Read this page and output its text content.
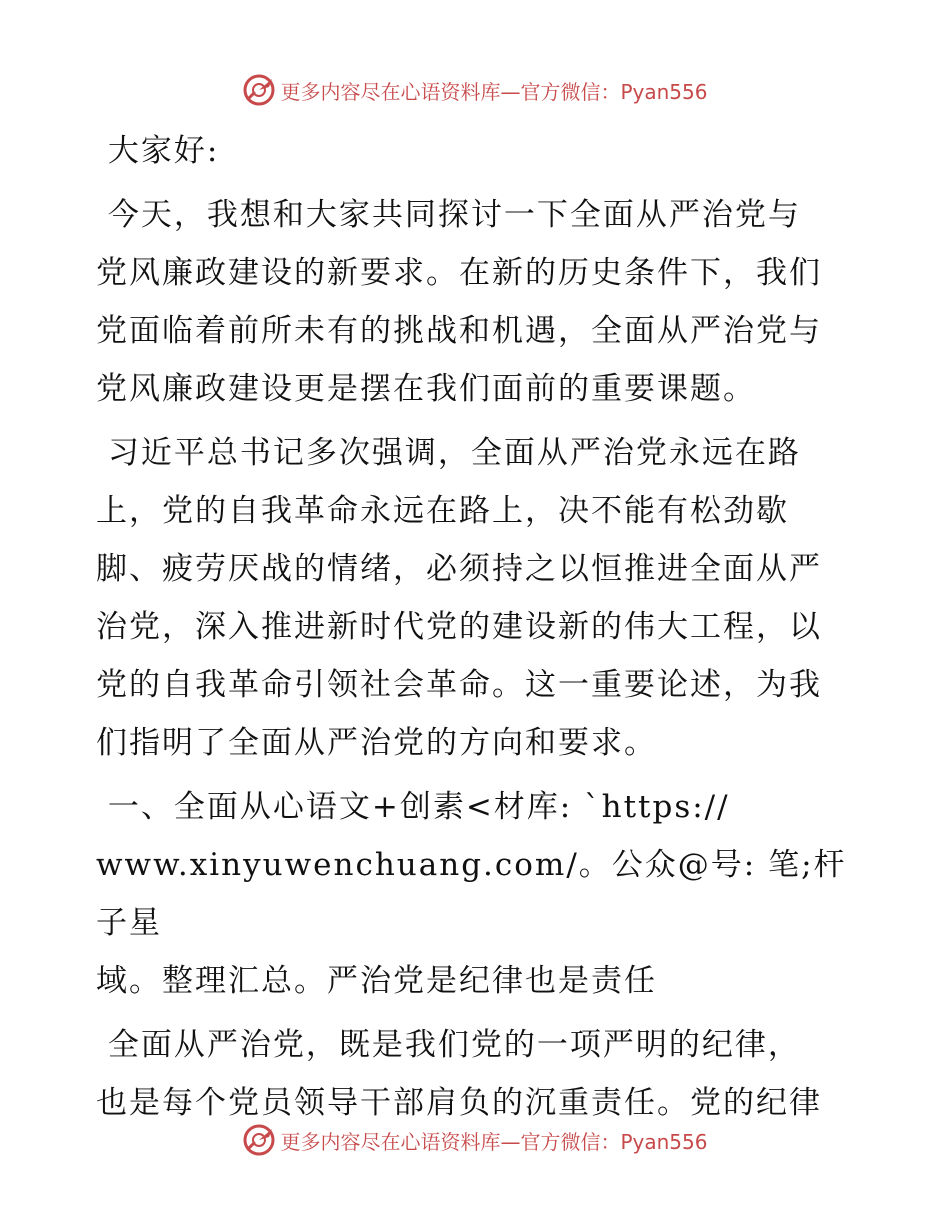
更多内容尽在心语资料库—官方微信：Pyan556
大家好:
今天，我想和大家共同探讨一下全面从严治党与
党风廉政建设的新要求。在新的历史条件下，我们
党面临着前所未有的挑战和机遇，全面从严治党与
党风廉政建设更是摆在我们面前的重要课题。
习近平总书记多次强调，全面从严治党永远在路
上，党的自我革命永远在路上，决不能有松劲歇
脚、疲劳厌战的情绪，必须持之以恒推进全面从严
治党，深入推进新时代党的建设新的伟大工程，以
党的自我革命引领社会革命。这一重要论述，为我
们指明了全面从严治党的方向和要求。
一、全面从心语文+创素<材库: `https://
www.xinyuwenchuang.com/。公众@号: 笔;杆子星
域。整理汇总。严治党是纪律也是责任
全面从严治党，既是我们党的一项严明的纪律，
也是每个党员领导干部肩负的沉重责任。党的纪律
更多内容尽在心语资料库—官方微信：Pyan556
